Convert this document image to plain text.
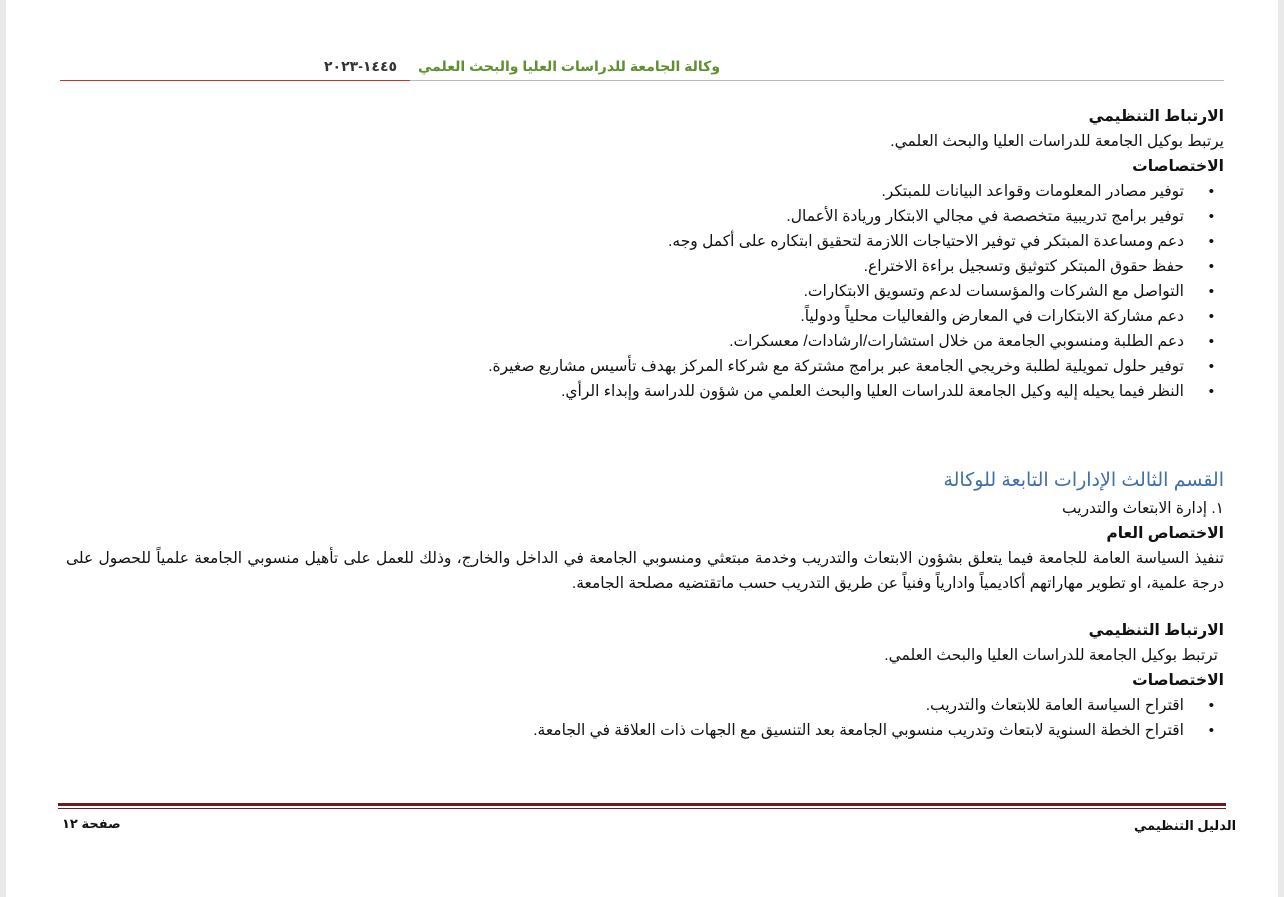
وكالة الجامعة للدراسات العليا والبحث العلمي
١٤٤٥-٢٠٢٣

الارتباط التنظيمي

يرتبط بوكيل الجامعة للدراسات العليا والبحث العلمي.

الاختصاصات

• توفير مصادر المعلومات وقواعد البيانات للمبتكر.
• توفير برامج تدريبية متخصصة في مجالي الابتكار وريادة الأعمال.
• دعم ومساعدة المبتكر في توفير الاحتياجات اللازمة لتحقيق ابتكاره على أكمل وجه.
• حفظ حقوق المبتكر كتوثيق وتسجيل براءة الاختراع.
• التواصل مع الشركات والمؤسسات لدعم وتسويق الابتكارات.
• دعم مشاركة الابتكارات في المعارض والفعاليات محلياً ودولياً.
• دعم الطلبة ومنسوبي الجامعة من خلال استشارات/ارشادات/ معسكرات.
• توفير حلول تمويلية لطلبة وخريجي الجامعة عبر برامج مشتركة مع شركاء المركز بهدف تأسيس مشاريع صغيرة.
• النظر فيما يحيله إليه وكيل الجامعة للدراسات العليا والبحث العلمي من شؤون للدراسة وإبداء الرأي.

القسم الثالث الإدارات التابعة للوكالة

١. إدارة الابتعاث والتدريب

الاختصاص العام

تنفيذ السياسة العامة للجامعة فيما يتعلق بشؤون الابتعاث والتدريب وخدمة مبتعثي ومنسوبي الجامعة في الداخل والخارج، وذلك للعمل على تأهيل منسوبي الجامعة علمياً للحصول على درجة علمية، او تطوير مهاراتهم أكاديمياً وادارياً وفنياً عن طريق التدريب حسب ماتقتضيه مصلحة الجامعة.

الارتباط التنظيمي

ترتبط بوكيل الجامعة للدراسات العليا والبحث العلمي.

الاختصاصات

• اقتراح السياسة العامة للابتعاث والتدريب.
• اقتراح الخطة السنوية لابتعاث وتدريب منسوبي الجامعة بعد التنسيق مع الجهات ذات العلاقة في الجامعة.
صفحة ١٢	الدليل التنظيمي
